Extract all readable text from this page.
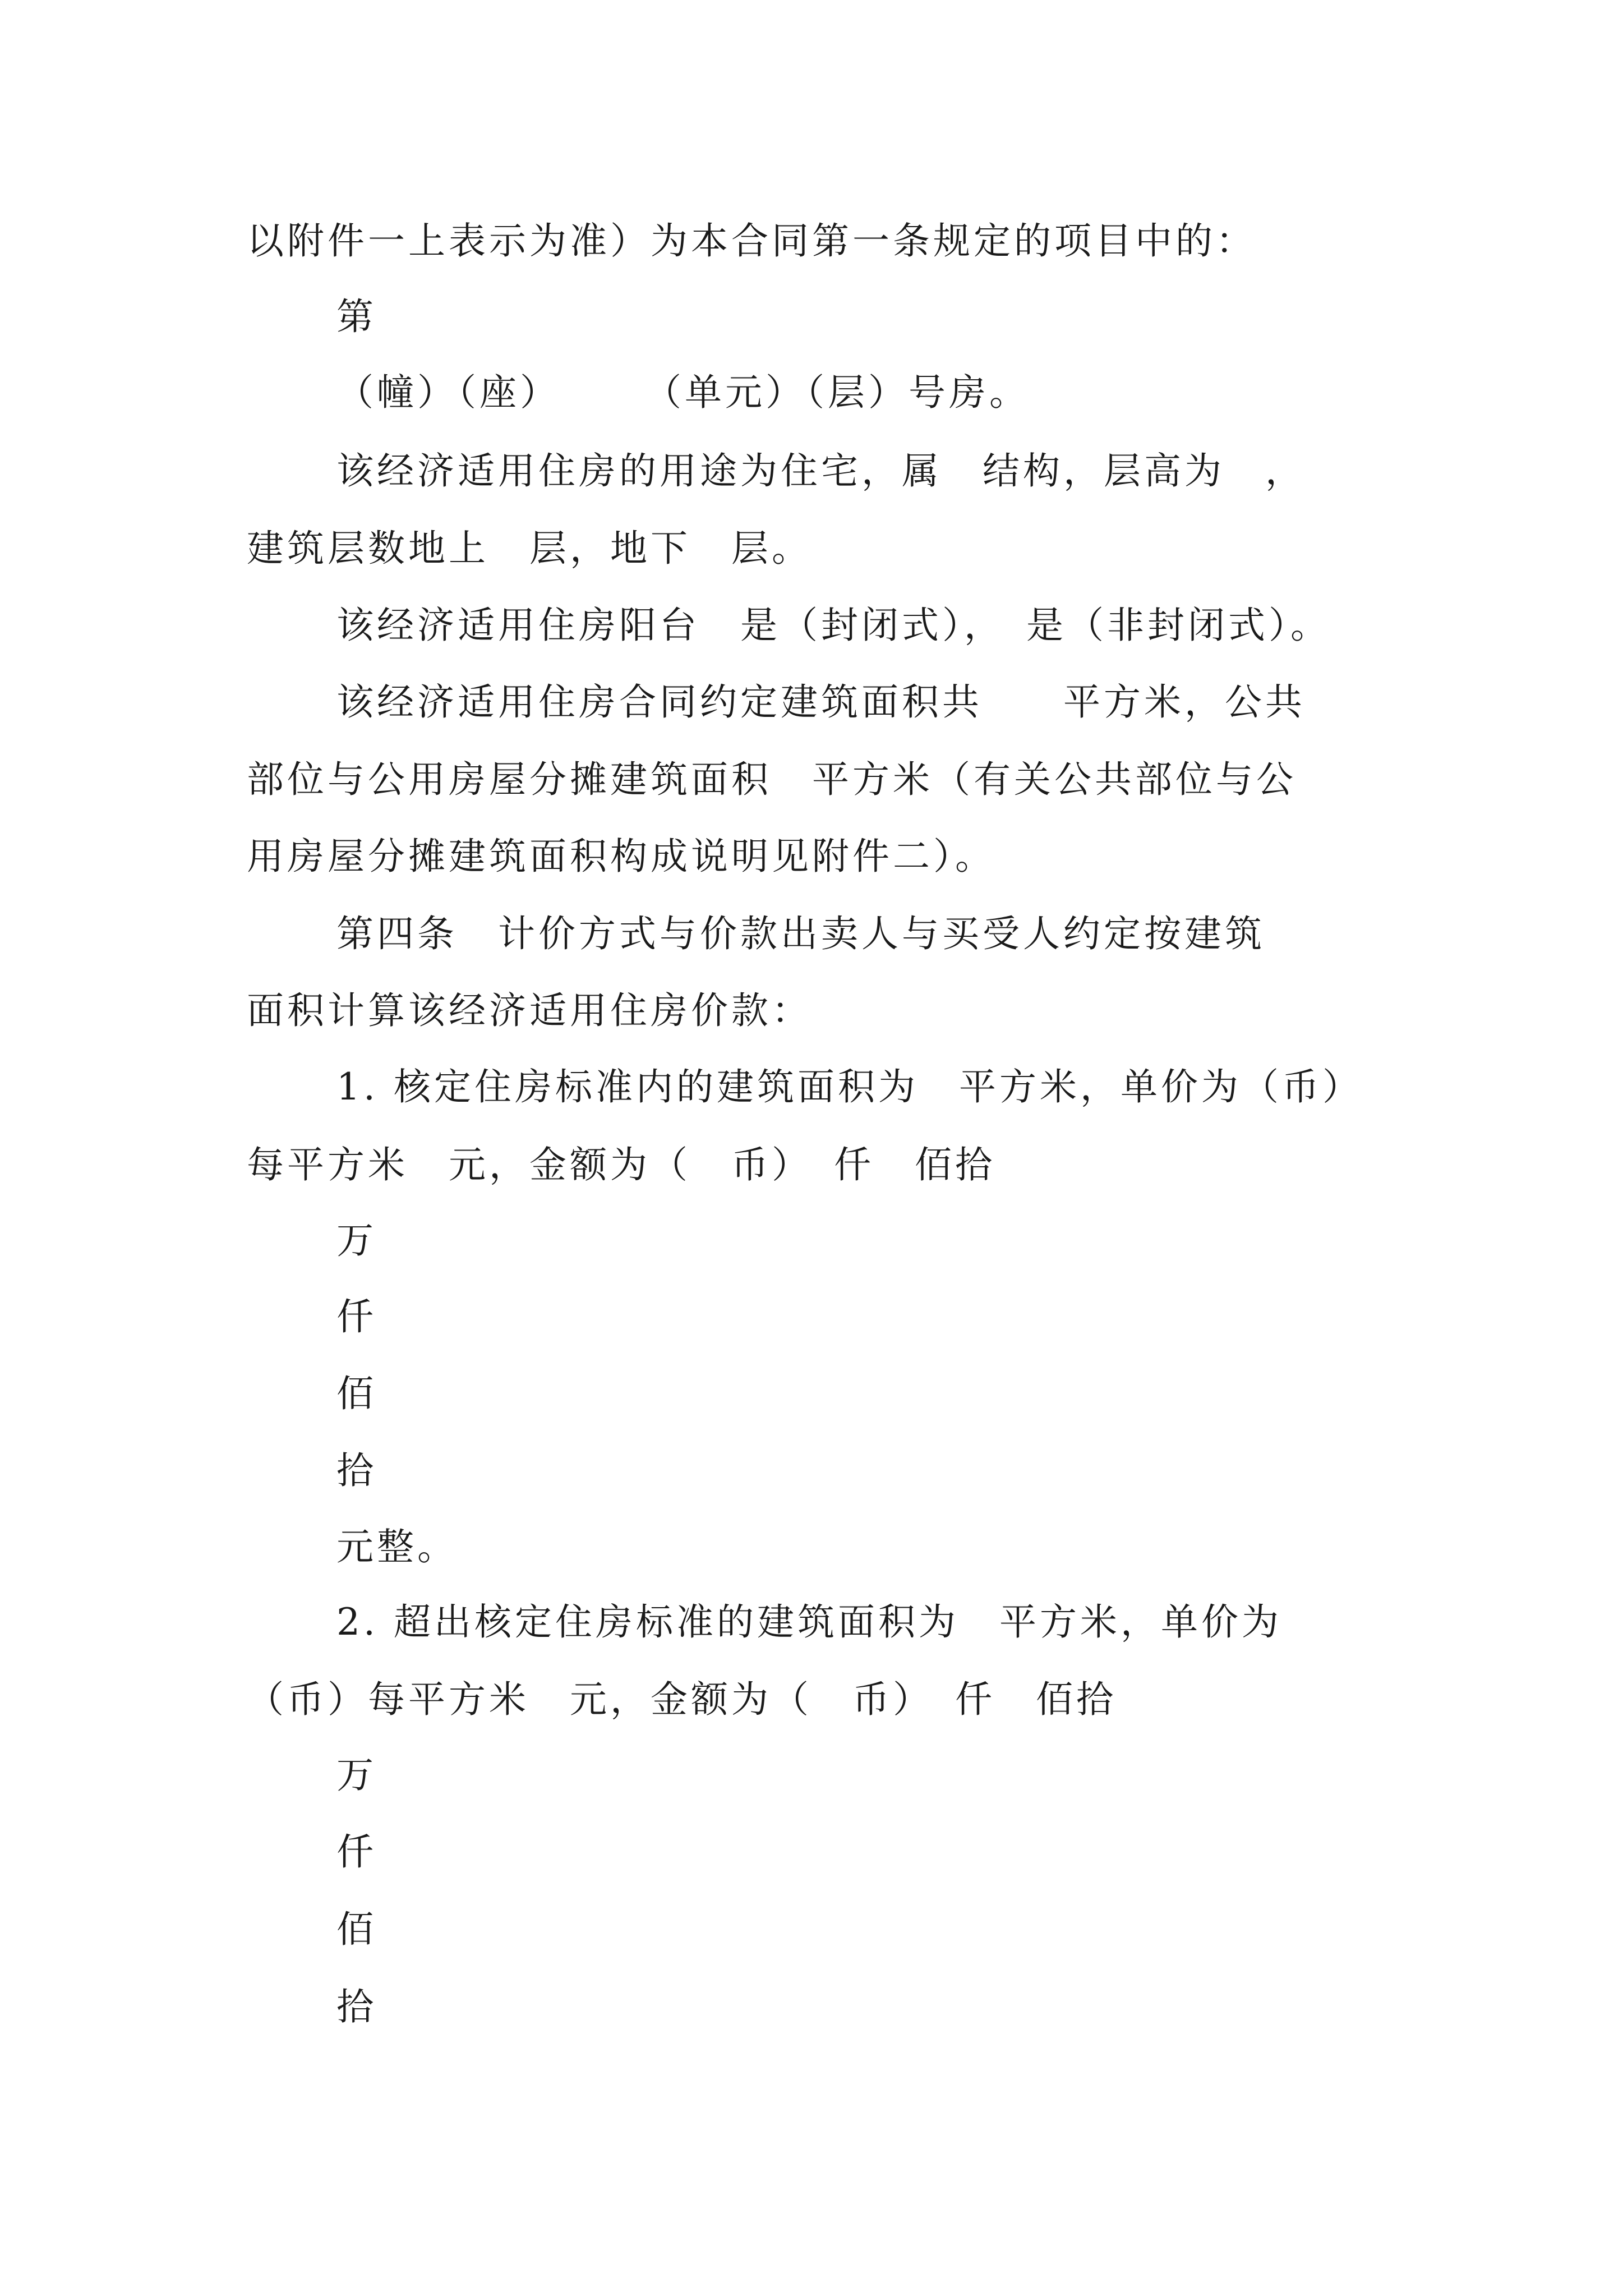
以附件一上表示为准）为本合同第一条规定的项目中的：
第
（幢）（座）　　　（单元）（层）号房。
该经济适用住房的用途为住宅，属　结构，层高为　，
建筑层数地上　层，地下　层。
该经济适用住房阳台　是（封闭式），　是（非封闭式）。
该经济适用住房合同约定建筑面积共　　平方米，公共
部位与公用房屋分摊建筑面积　平方米（有关公共部位与公
用房屋分摊建筑面积构成说明见附件二）。
第四条　计价方式与价款出卖人与买受人约定按建筑
面积计算该经济适用住房价款：
1. 核定住房标准内的建筑面积为　平方米，单价为（币）
每平方米　元，金额为（　币）　仟　佰拾
万
仟
佰
拾
元整。
2. 超出核定住房标准的建筑面积为　平方米，单价为
（币）每平方米　元，金额为（　币）　仟　佰拾
万
仟
佰
拾
